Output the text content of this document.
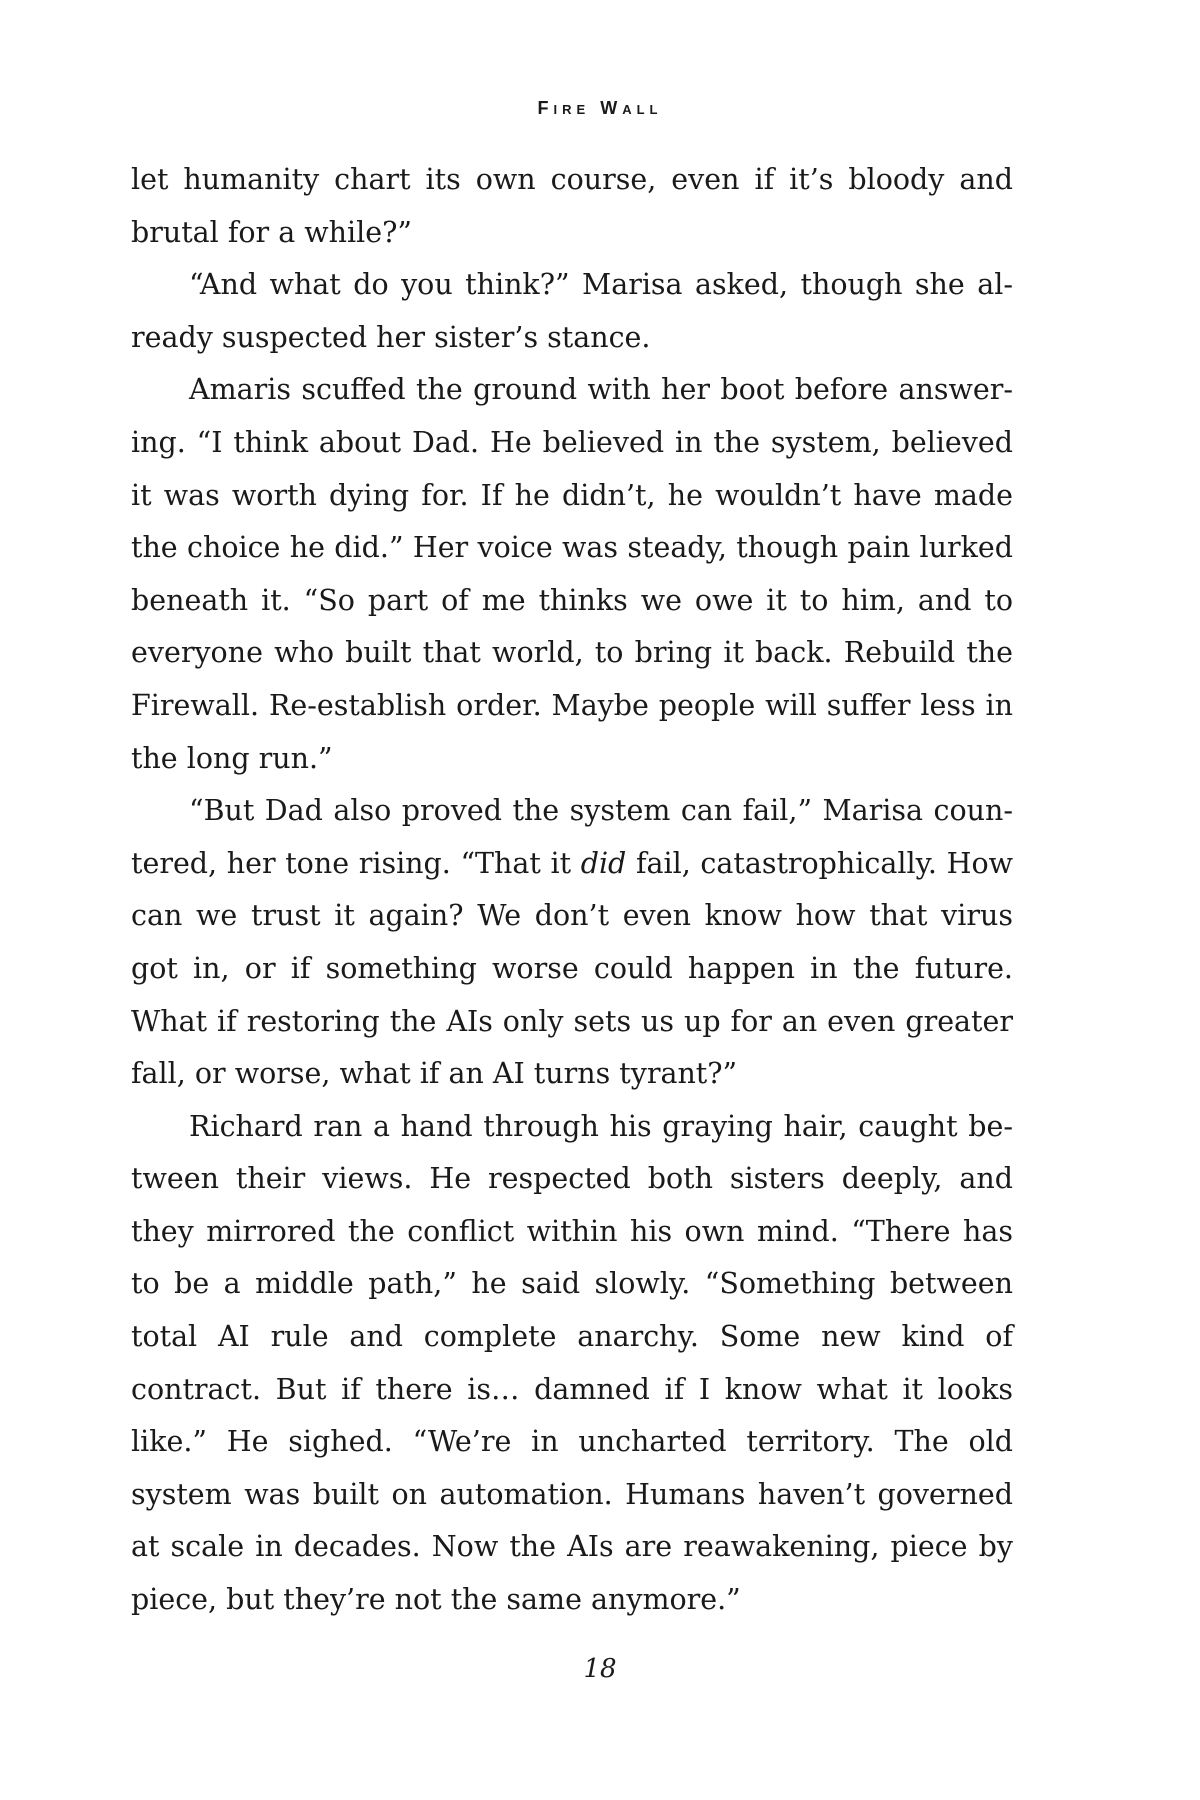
Fire Wall

let humanity chart its own course, even if it’s bloody and brutal for a while?”

“And what do you think?” Marisa asked, though she already suspected her sister’s stance.

Amaris scuffed the ground with her boot before answering. “I think about Dad. He believed in the system, believed it was worth dying for. If he didn’t, he wouldn’t have made the choice he did.” Her voice was steady, though pain lurked beneath it. “So part of me thinks we owe it to him, and to everyone who built that world, to bring it back. Rebuild the Firewall. Re-establish order. Maybe people will suffer less in the long run.”

“But Dad also proved the system can fail,” Marisa countered, her tone rising. “That it did fail, catastrophically. How can we trust it again? We don’t even know how that virus got in, or if something worse could happen in the future. What if restoring the AIs only sets us up for an even greater fall, or worse, what if an AI turns tyrant?”

Richard ran a hand through his graying hair, caught between their views. He respected both sisters deeply, and they mirrored the conflict within his own mind. “There has to be a middle path,” he said slowly. “Something between total AI rule and complete anarchy. Some new kind of contract. But if there is… damned if I know what it looks like.” He sighed. “We’re in uncharted territory. The old system was built on automation. Humans haven’t governed at scale in decades. Now the AIs are reawakening, piece by piece, but they’re not the same anymore.”

18
